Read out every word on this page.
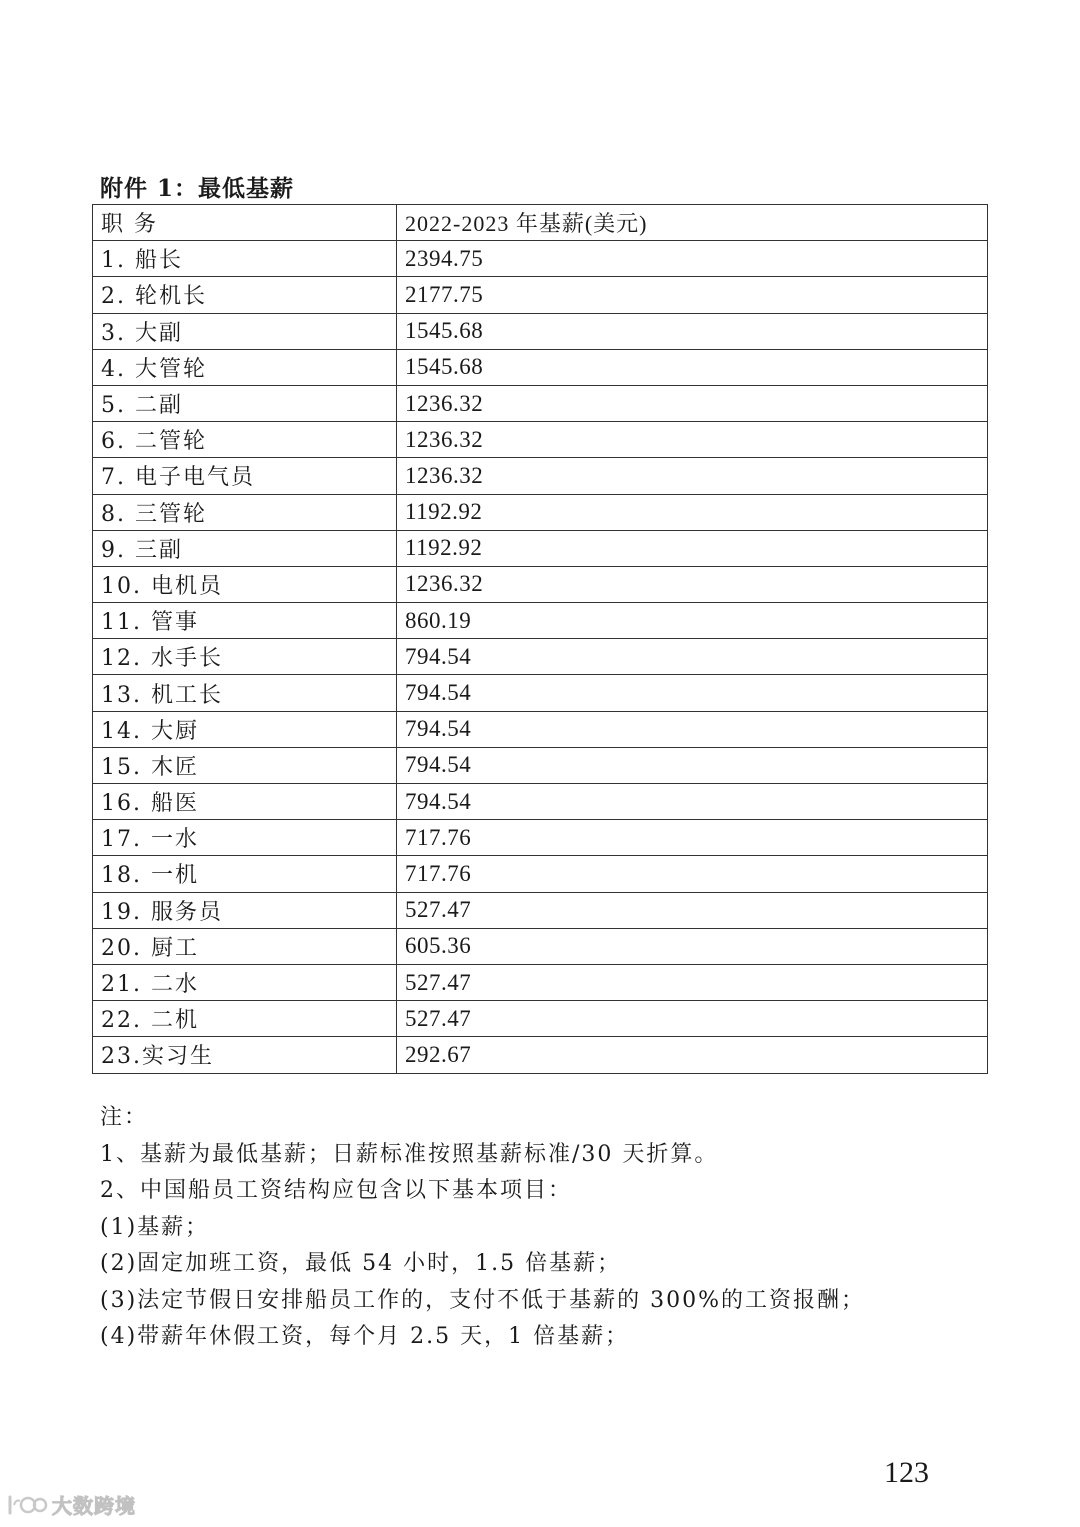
附件 1：最低基薪
职 务	2022-2023 年基薪(美元)
1. 船长	2394.75
2. 轮机长	2177.75
3. 大副	1545.68
4. 大管轮	1545.68
5. 二副	1236.32
6. 二管轮	1236.32
7. 电子电气员	1236.32
8. 三管轮	1192.92
9. 三副	1192.92
10. 电机员	1236.32
11. 管事	860.19
12. 水手长	794.54
13. 机工长	794.54
14. 大厨	794.54
15. 木匠	794.54
16. 船医	794.54
17. 一水	717.76
18. 一机	717.76
19. 服务员	527.47
20. 厨工	605.36
21. 二水	527.47
22. 二机	527.47
23.实习生	292.67
注：
1、基薪为最低基薪；日薪标准按照基薪标准/30 天折算。
2、中国船员工资结构应包含以下基本项目：
(1)基薪；
(2)固定加班工资，最低 54 小时，1.5 倍基薪；
(3)法定节假日安排船员工作的，支付不低于基薪的 300%的工资报酬；
(4)带薪年休假工资，每个月 2.5 天，1 倍基薪；
123
大数跨境
